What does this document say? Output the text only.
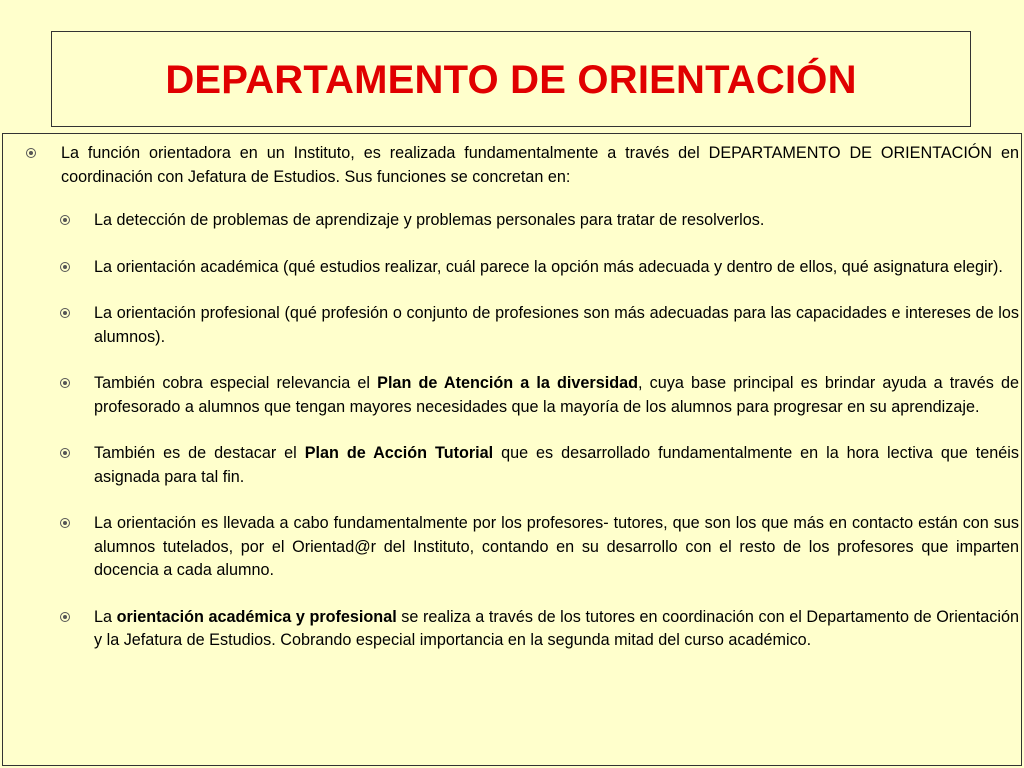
DEPARTAMENTO DE ORIENTACIÓN
La función orientadora en un Instituto, es realizada fundamentalmente a través del DEPARTAMENTO DE ORIENTACIÓN en coordinación con Jefatura de Estudios. Sus funciones se concretan en:
La detección de problemas de aprendizaje y problemas personales para tratar de resolverlos.
La orientación académica (qué estudios realizar, cuál parece la opción más adecuada y dentro de ellos, qué asignatura elegir).
La orientación profesional (qué profesión o conjunto de profesiones son más adecuadas para las capacidades e intereses de los alumnos).
También cobra especial relevancia el Plan de Atención a la diversidad, cuya base principal es brindar ayuda a través de profesorado a alumnos que tengan mayores necesidades que la mayoría de los alumnos para progresar en su aprendizaje.
También es de destacar el Plan de Acción Tutorial que es desarrollado fundamentalmente en la hora lectiva que tenéis asignada para tal fin.
La orientación es llevada a cabo fundamentalmente por los profesores- tutores, que son los que más en contacto están con sus alumnos tutelados, por el Orientad@r del Instituto, contando en su desarrollo con el resto de los profesores que imparten docencia a cada alumno.
La orientación académica y profesional se realiza a través de los tutores en coordinación con el Departamento de Orientación y la Jefatura de Estudios. Cobrando especial importancia en la segunda mitad del curso académico.
